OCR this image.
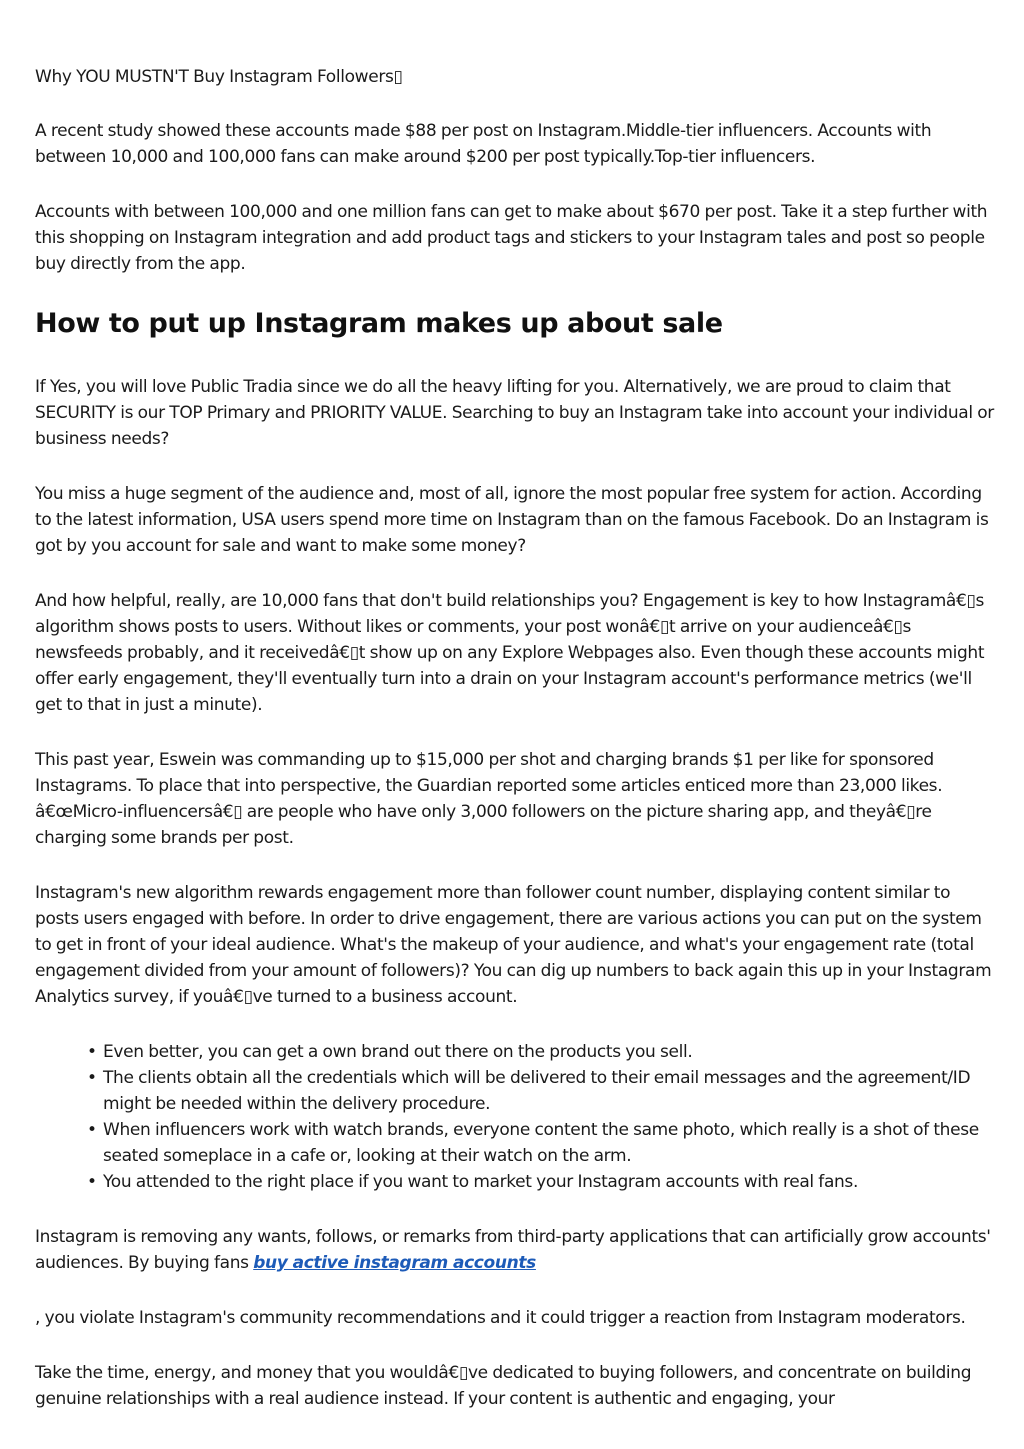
Why YOU MUSTN'T Buy Instagram Followers▯

A recent study showed these accounts made $88 per post on Instagram.Middle-tier influencers. Accounts with between 10,000 and 100,000 fans can make around $200 per post typically.Top-tier influencers.

Accounts with between 100,000 and one million fans can get to make about $670 per post. Take it a step further with this shopping on Instagram integration and add product tags and stickers to your Instagram tales and post so people buy directly from the app.

How to put up Instagram makes up about sale

If Yes, you will love Public Tradia since we do all the heavy lifting for you. Alternatively, we are proud to claim that SECURITY is our TOP Primary and PRIORITY VALUE. Searching to buy an Instagram take into account your individual or business needs?

You miss a huge segment of the audience and, most of all, ignore the most popular free system for action. According to the latest information, USA users spend more time on Instagram than on the famous Facebook. Do an Instagram is got by you account for sale and want to make some money?

And how helpful, really, are 10,000 fans that don't build relationships you? Engagement is key to how Instagramâ€▯s algorithm shows posts to users. Without likes or comments, your post wonâ€▯t arrive on your audienceâ€▯s newsfeeds probably, and it receivedâ€▯t show up on any Explore Webpages also. Even though these accounts might offer early engagement, they'll eventually turn into a drain on your Instagram account's performance metrics (we'll get to that in just a minute).

This past year, Eswein was commanding up to $15,000 per shot and charging brands $1 per like for sponsored Instagrams. To place that into perspective, the Guardian reported some articles enticed more than 23,000 likes. â€œMicro-influencersâ€▯ are people who have only 3,000 followers on the picture sharing app, and theyâ€▯re charging some brands per post.

Instagram's new algorithm rewards engagement more than follower count number, displaying content similar to posts users engaged with before. In order to drive engagement, there are various actions you can put on the system to get in front of your ideal audience. What's the makeup of your audience, and what's your engagement rate (total engagement divided from your amount of followers)? You can dig up numbers to back again this up in your Instagram Analytics survey, if youâ€▯ve turned to a business account.

• Even better, you can get a own brand out there on the products you sell.
• The clients obtain all the credentials which will be delivered to their email messages and the agreement/ID might be needed within the delivery procedure.
• When influencers work with watch brands, everyone content the same photo, which really is a shot of these seated someplace in a cafe or, looking at their watch on the arm.
• You attended to the right place if you want to market your Instagram accounts with real fans.

Instagram is removing any wants, follows, or remarks from third-party applications that can artificially grow accounts' audiences. By buying fans buy active instagram accounts

, you violate Instagram's community recommendations and it could trigger a reaction from Instagram moderators.

Take the time, energy, and money that you wouldâ€▯ve dedicated to buying followers, and concentrate on building genuine relationships with a real audience instead. If your content is authentic and engaging, your
